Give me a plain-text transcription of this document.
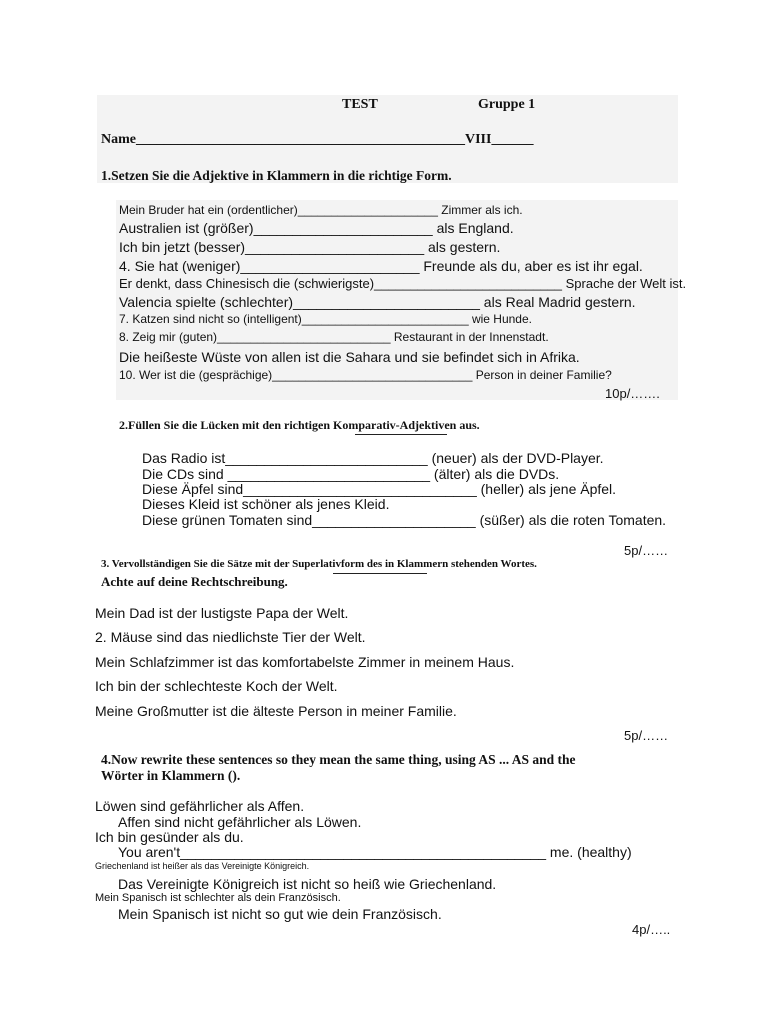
TEST	Gruppe 1
Name_______________________________________________VIII______
1.Setzen Sie die Adjektive in Klammern in die richtige Form.
Mein Bruder hat ein (ordentlicher)_____________________ Zimmer als ich.
Australien ist (größer)_______________________ als England.
Ich bin jetzt (besser)_______________________ als gestern.
4. Sie hat (weniger)_______________________ Freunde als du, aber es ist ihr egal.
Er denkt, dass Chinesisch die (schwierigste)__________________________ Sprache der Welt ist.
Valencia spielte (schlechter)________________________ als Real Madrid gestern.
7. Katzen sind nicht so (intelligent)_________________________ wie Hunde.
8. Zeig mir (guten)__________________________ Restaurant in der Innenstadt.
Die heißeste Wüste von allen ist die Sahara und sie befindet sich in Afrika.
10. Wer ist die (gesprächige)______________________________ Person in deiner Familie?
10p/…….
2.Füllen Sie die Lücken mit den richtigen Komparativ-Adjektiven aus.
Das Radio ist__________________________ (neuer) als der DVD-Player.
Die CDs sind __________________________ (älter) als die DVDs.
Diese Äpfel sind______________________________ (heller) als jene Äpfel.
Dieses Kleid ist schöner als jenes Kleid.
Diese grünen Tomaten sind_____________________ (süßer) als die roten Tomaten.
5p/……
3. Vervollständigen Sie die Sätze mit der Superlativform des in Klammern stehenden Wortes.
Achte auf deine Rechtschreibung.
Mein Dad ist der lustigste Papa der Welt.
2. Mäuse sind das niedlichste Tier der Welt.
Mein Schlafzimmer ist das komfortabelste Zimmer in meinem Haus.
Ich bin der schlechteste Koch der Welt.
Meine Großmutter ist die älteste Person in meiner Familie.
5p/……
4.Now rewrite these sentences so they mean the same thing, using AS ... AS and the
Wörter in Klammern ().
Löwen sind gefährlicher als Affen.
Affen sind nicht gefährlicher als Löwen.
Ich bin gesünder als du.
You aren't_______________________________________________ me. (healthy)
Griechenland ist heißer als das Vereinigte Königreich.
Das Vereinigte Königreich ist nicht so heiß wie Griechenland.
Mein Spanisch ist schlechter als dein Französisch.
Mein Spanisch ist nicht so gut wie dein Französisch.
4p/…..
